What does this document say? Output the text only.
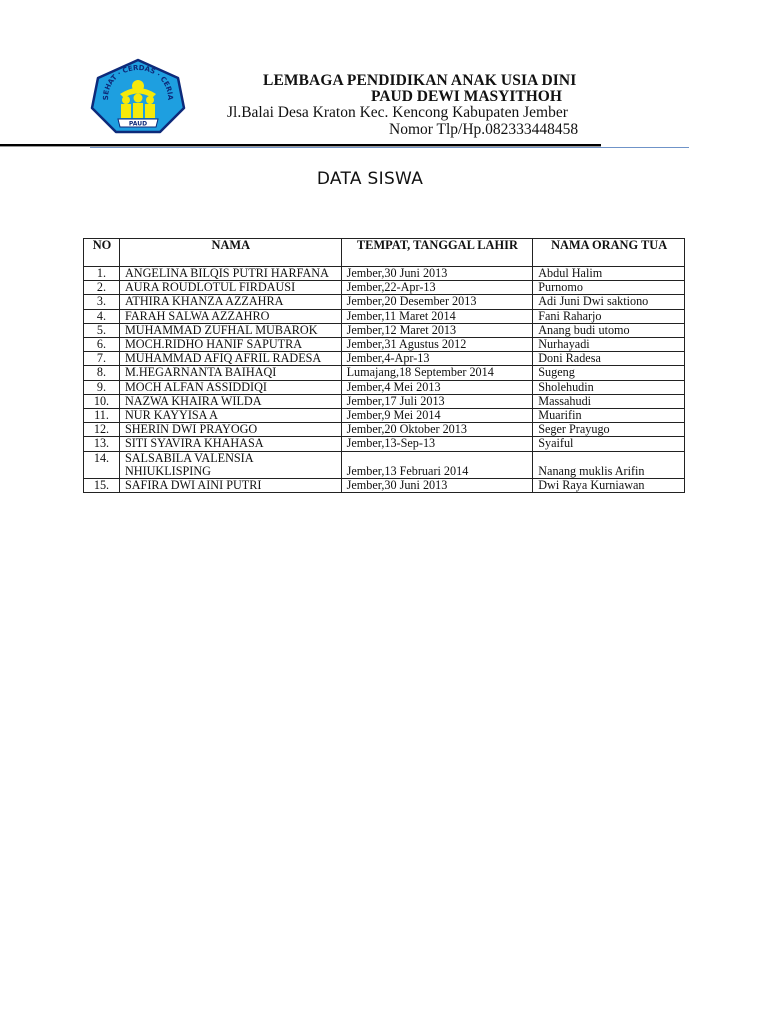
SEHAT · CERDAS · CERIA
PAUD
LEMBAGA PENDIDIKAN ANAK USIA DINI
PAUD DEWI MASYITHOH
Jl.Balai Desa Kraton Kec. Kencong Kabupaten Jember
Nomor Tlp/Hp.082333448458
DATA SISWA
NO	NAMA	TEMPAT, TANGGAL LAHIR	NAMA ORANG TUA
1.	ANGELINA BILQIS PUTRI HARFANA	Jember,30 Juni 2013	Abdul Halim
2.	AURA ROUDLOTUL FIRDAUSI	Jember,22-Apr-13	Purnomo
3.	ATHIRA KHANZA AZZAHRA	Jember,20 Desember 2013	Adi Juni Dwi saktiono
4.	FARAH SALWA AZZAHRO	Jember,11 Maret 2014	Fani Raharjo
5.	MUHAMMAD ZUFHAL MUBAROK	Jember,12 Maret 2013	Anang budi utomo
6.	MOCH.RIDHO HANIF SAPUTRA	Jember,31 Agustus 2012	Nurhayadi
7.	MUHAMMAD AFIQ AFRIL RADESA	Jember,4-Apr-13	Doni Radesa
8.	M.HEGARNANTA BAIHAQI	Lumajang,18 September 2014	Sugeng
9.	MOCH ALFAN ASSIDDIQI	Jember,4 Mei 2013	Sholehudin
10.	NAZWA KHAIRA WILDA	Jember,17 Juli 2013	Massahudi
11.	NUR KAYYISA A	Jember,9 Mei 2014	Muarifin
12.	SHERIN DWI PRAYOGO	Jember,20 Oktober 2013	Seger Prayugo
13.	SITI SYAVIRA KHAHASA	Jember,13-Sep-13	Syaiful
14.	SALSABILA VALENSIA NHIUKLISPING	Jember,13 Februari 2014	Nanang muklis Arifin
15.	SAFIRA DWI AINI PUTRI	Jember,30 Juni 2013	Dwi Raya Kurniawan
